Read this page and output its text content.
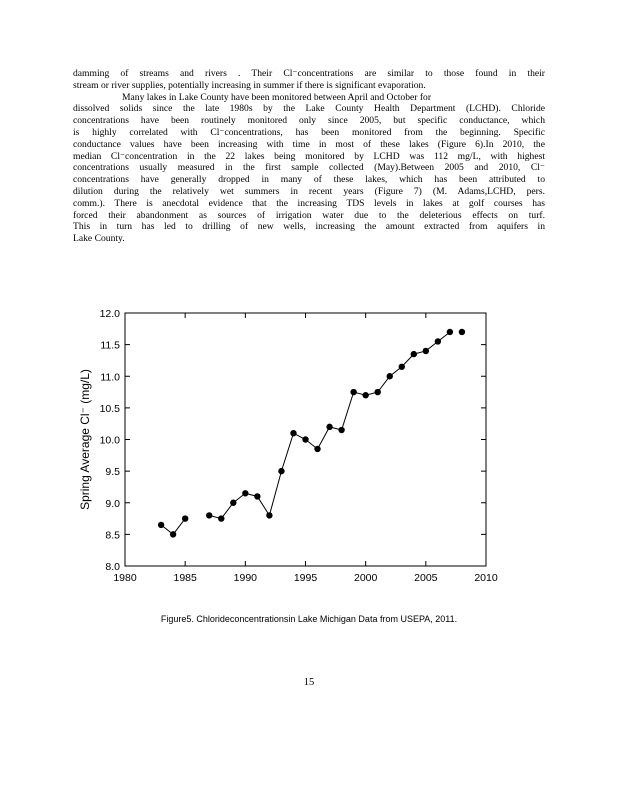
damming of streams and rivers . Their Cl⁻concentrations are similar to those found in their
stream or river supplies, potentially increasing in summer if there is significant evaporation.
Many lakes in Lake County have been monitored between April and October for
dissolved solids since the late 1980s by the Lake County Health Department (LCHD). Chloride
concentrations have been routinely monitored only since 2005, but specific conductance, which
is highly correlated with Cl⁻concentrations, has been monitored from the beginning. Specific
conductance values have been increasing with time in most of these lakes (Figure 6).In 2010, the
median Cl⁻concentration in the 22 lakes being monitored by LCHD was 112 mg/L, with highest
concentrations usually measured in the first sample collected (May).Between 2005 and 2010, Cl⁻
concentrations have generally dropped in many of these lakes, which has been attributed to
dilution during the relatively wet summers in recent years (Figure 7) (M. Adams,LCHD, pers.
comm.). There is anecdotal evidence that the increasing TDS levels in lakes at golf courses has
forced their abandonment as sources of irrigation water due to the deleterious effects on turf.
This in turn has led to drilling of new wells, increasing the amount extracted from aquifers in
Lake County.
1980	1985	1990	1995	2000	2005	2010
8.0
8.5
9.0
9.5
10.0
10.5
11.0
11.5
12.0
Spring Average Cl⁻ (mg/L)
Figure5. Chlorideconcentrationsin Lake Michigan Data from USEPA, 2011.
15
